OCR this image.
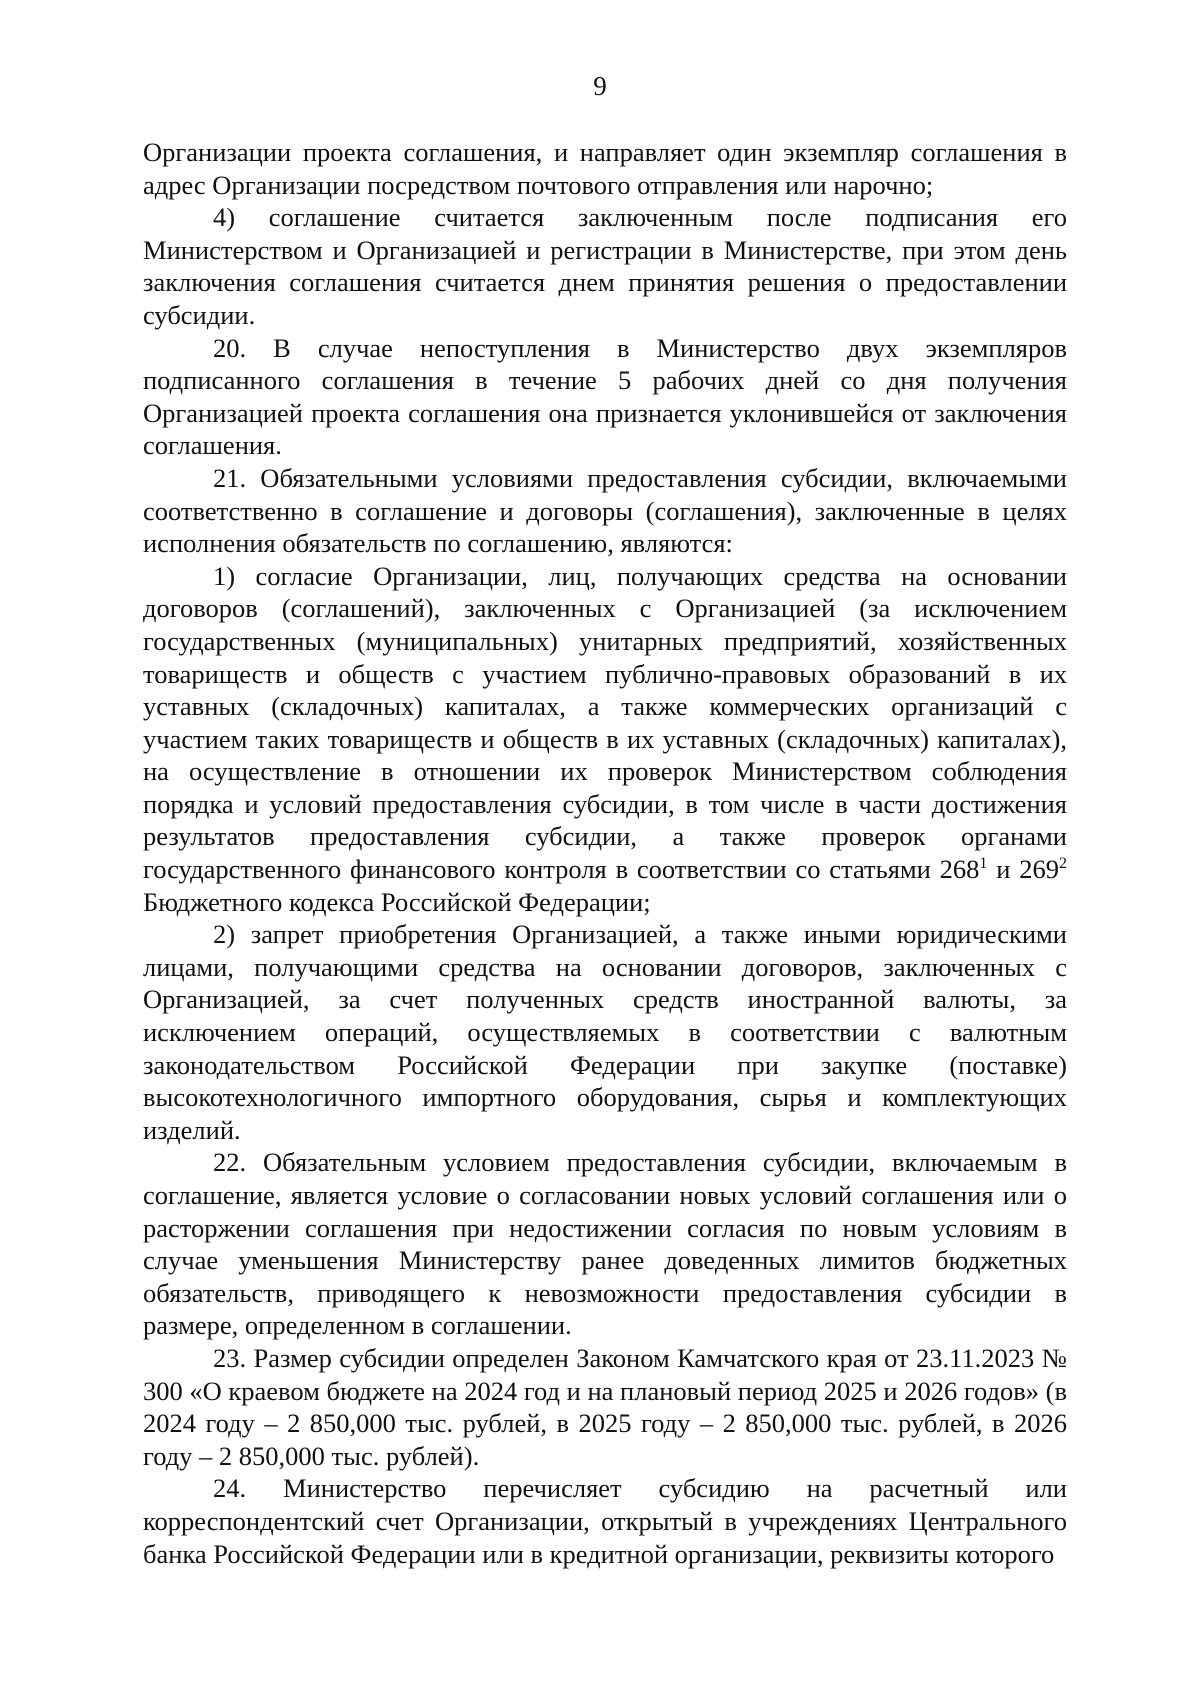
9

Организации проекта соглашения, и направляет один экземпляр соглашения в адрес Организации посредством почтового отправления или нарочно;

4) соглашение считается заключенным после подписания его Министерством и Организацией и регистрации в Министерстве, при этом день заключения соглашения считается днем принятия решения о предоставлении субсидии.

20. В случае непоступления в Министерство двух экземпляров подписанного соглашения в течение 5 рабочих дней со дня получения Организацией проекта соглашения она признается уклонившейся от заключения соглашения.

21. Обязательными условиями предоставления субсидии, включаемыми соответственно в соглашение и договоры (соглашения), заключенные в целях исполнения обязательств по соглашению, являются:

1) согласие Организации, лиц, получающих средства на основании договоров (соглашений), заключенных с Организацией (за исключением государственных (муниципальных) унитарных предприятий, хозяйственных товариществ и обществ с участием публично-правовых образований в их уставных (складочных) капиталах, а также коммерческих организаций с участием таких товариществ и обществ в их уставных (складочных) капиталах), на осуществление в отношении их проверок Министерством соблюдения порядка и условий предоставления субсидии, в том числе в части достижения результатов предоставления субсидии, а также проверок органами государственного финансового контроля в соответствии со статьями $268^1$ и $269^2$ Бюджетного кодекса Российской Федерации;

2) запрет приобретения Организацией, а также иными юридическими лицами, получающими средства на основании договоров, заключенных с Организацией, за счет полученных средств иностранной валюты, за исключением операций, осуществляемых в соответствии с валютным законодательством Российской Федерации при закупке (поставке) высокотехнологичного импортного оборудования, сырья и комплектующих изделий.

22. Обязательным условием предоставления субсидии, включаемым в соглашение, является условие о согласовании новых условий соглашения или о расторжении соглашения при недостижении согласия по новым условиям в случае уменьшения Министерству ранее доведенных лимитов бюджетных обязательств, приводящего к невозможности предоставления субсидии в размере, определенном в соглашении.

23. Размер субсидии определен Законом Камчатского края от 23.11.2023 № 300 «О краевом бюджете на 2024 год и на плановый период 2025 и 2026 годов» (в 2024 году – 2 850,000 тыс. рублей, в 2025 году – 2 850,000 тыс. рублей, в 2026 году – 2 850,000 тыс. рублей).

24. Министерство перечисляет субсидию на расчетный или корреспондентский счет Организации, открытый в учреждениях Центрального банка Российской Федерации или в кредитной организации, реквизиты которого
